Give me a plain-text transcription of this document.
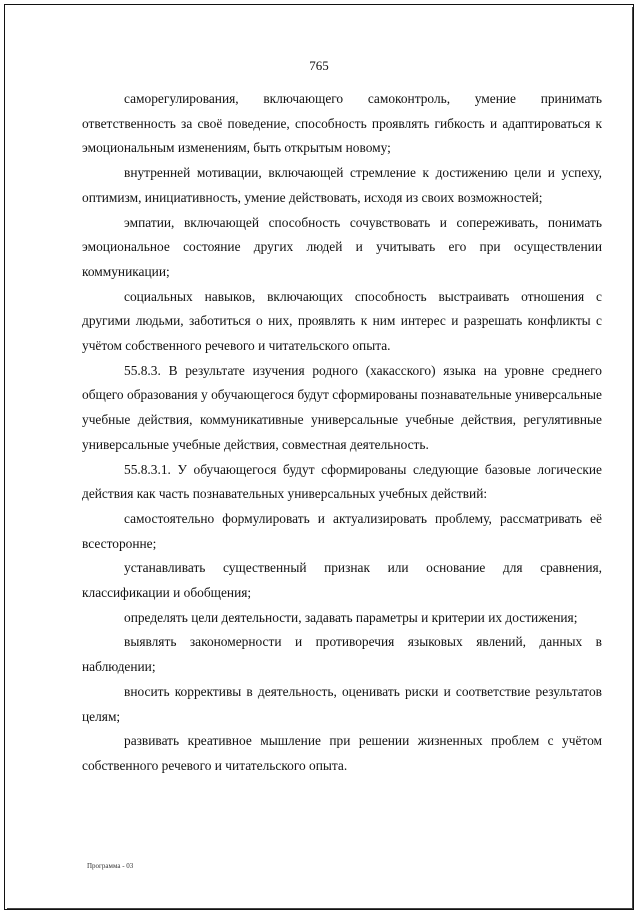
765

саморегулирования, включающего самоконтроль, умение принимать ответственность за своё поведение, способность проявлять гибкость и адаптироваться к эмоциональным изменениям, быть открытым новому;

внутренней мотивации, включающей стремление к достижению цели и успеху, оптимизм, инициативность, умение действовать, исходя из своих возможностей;

эмпатии, включающей способность сочувствовать и сопереживать, понимать эмоциональное состояние других людей и учитывать его при осуществлении коммуникации;

социальных навыков, включающих способность выстраивать отношения с другими людьми, заботиться о них, проявлять к ним интерес и разрешать конфликты с учётом собственного речевого и читательского опыта.

55.8.3. В результате изучения родного (хакасского) языка на уровне среднего общего образования у обучающегося будут сформированы познавательные универсальные учебные действия, коммуникативные универсальные учебные действия, регулятивные универсальные учебные действия, совместная деятельность.

55.8.3.1. У обучающегося будут сформированы следующие базовые логические действия как часть познавательных универсальных учебных действий:

самостоятельно формулировать и актуализировать проблему, рассматривать её всесторонне;

устанавливать существенный признак или основание для сравнения, классификации и обобщения;

определять цели деятельности, задавать параметры и критерии их достижения;

выявлять закономерности и противоречия языковых явлений, данных в наблюдении;

вносить коррективы в деятельность, оценивать риски и соответствие результатов целям;

развивать креативное мышление при решении жизненных проблем с учётом собственного речевого и читательского опыта.

Программа - 03
